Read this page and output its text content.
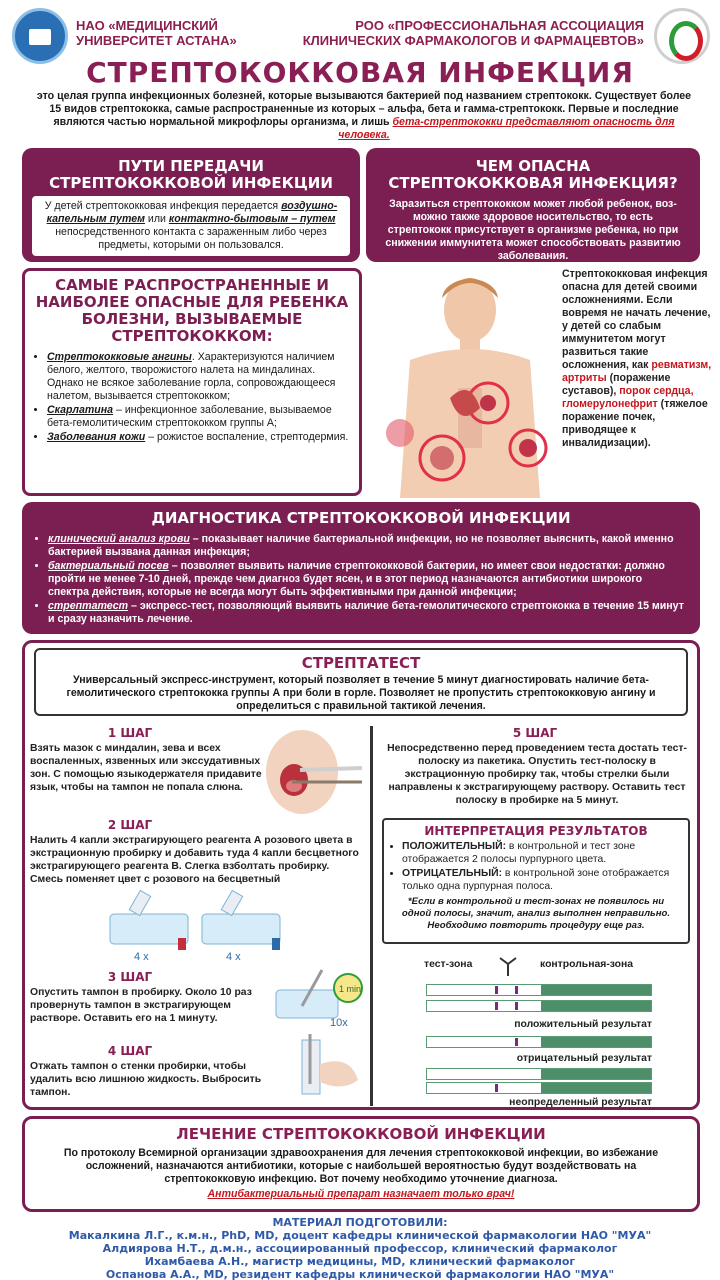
НАО «МЕДИЦИНСКИЙ
УНИВЕРСИТЕТ АСТАНА»
РОО «ПРОФЕССИОНАЛЬНАЯ АССОЦИАЦИЯ
КЛИНИЧЕСКИХ ФАРМАКОЛОГОВ И ФАРМАЦЕВТОВ»
СТРЕПТОКОККОВАЯ ИНФЕКЦИЯ
это целая группа инфекционных болезней, которые вызываются бактерией под названием стрептококк. Существует более 15 видов стрептококка, самые распространенные из которых – альфа, бета и гамма-стрептококк. Первые и последние являются частью нормальной микрофлоры организма, и лишь бета-стрептококки представляют опасность для человека.
ПУТИ ПЕРЕДАЧИ
СТРЕПТОКОККОВОЙ ИНФЕКЦИИ
У детей стрептококковая инфекция передается воздушно-капельным путем или контактно-бытовым – путем непосредственного контакта с зараженным либо через предметы, которыми он пользовался.
ЧЕМ ОПАСНА
СТРЕПТОКОККОВАЯ ИНФЕКЦИЯ?
Заразиться стрептококком может любой ребенок, воз-можно также здоровое носительство, то есть стрептококк присутствует в организме ребенка, но при снижении иммунитета может способствовать развитию заболевания.
САМЫЕ РАСПРОСТРАНЕННЫЕ И
НАИБОЛЕЕ ОПАСНЫЕ ДЛЯ РЕБЕНКА
БОЛЕЗНИ, ВЫЗЫВАЕМЫЕ
СТРЕПТОКОККОМ:
• Стрептококковые ангины. Характеризуются наличием белого, желтого, творожистого налета на миндалинах. Однако не всякое заболевание горла, сопровождающееся налетом, вызывается стрептококком;
• Скарлатина – инфекционное заболевание, вызываемое бета-гемолитическим стрептококком группы А;
• Заболевания кожи – рожистое воспаление, стрептодермия.
Стрептококковая инфекция опасна для детей своими осложнениями. Если вовремя не начать лечение, у детей со слабым иммунитетом могут развиться такие осложнения, как ревматизм, артриты (поражение суставов), порок сердца, гломерулонефрит (тяжелое поражение почек, приводящее к инвалидизации).
ДИАГНОСТИКА СТРЕПТОКОККОВОЙ ИНФЕКЦИИ
• клинический анализ крови – показывает наличие бактериальной инфекции, но не позволяет выяснить, какой именно бактерией вызвана данная инфекция;
• бактериальный посев – позволяет выявить наличие стрептококковой бактерии, но имеет свои недостатки: должно пройти не менее 7-10 дней, прежде чем диагноз будет ясен, и в этот период назначаются антибиотики широкого спектра действия, которые не всегда могут быть эффективными при данной инфекции;
• стрептатест – экспресс-тест, позволяющий выявить наличие бета-гемолитического стрептококка в течение 15 минут и сразу назначить лечение.
СТРЕПТАТЕСТ
Универсальный экспресс-инструмент, который позволяет в течение 5 минут диагностировать наличие бета-гемолитического стрептококка группы А при боли в горле. Позволяет не пропустить стрептококковую ангину и определиться с правильной тактикой лечения.
1 ШАГ
Взять мазок с миндалин, зева и всех воспаленных, язвенных или экссудативных зон. С помощью языкодержателя придавите язык, чтобы на тампон не попала слюна.
2 ШАГ
Налить 4 капли экстрагирующего реагента А розового цвета в экстрационную пробирку и добавить туда 4 капли бесцветного экстрагирующего реагента B. Слегка взболтать пробирку. Смесь поменяет цвет с розового на бесцветный
4 x	4 x
3 ШАГ
Опустить тампон в пробирку. Около 10 раз провернуть тампон в экстрагирующем растворе. Оставить его на 1 минуту.
1 min
10x
4 ШАГ
Отжать тампон о стенки пробирки, чтобы удалить всю лишнюю жидкость. Выбросить тампон.
5 ШАГ
Непосредственно перед проведением теста достать тест-полоску из пакетика. Опустить тест-полоску в экстрационную пробирку так, чтобы стрелки были направлены к экстрагирующему раствору. Оставить тест полоску в пробирке на 5 минут.
ИНТЕРПРЕТАЦИЯ РЕЗУЛЬТАТОВ
• ПОЛОЖИТЕЛЬНЫЙ: в контрольной и тест зоне отображается 2 полосы пурпурного цвета.
• ОТРИЦАТЕЛЬНЫЙ: в контрольной зоне отображается только одна пурпурная полоса.
*Если в контрольной и тест-зонах не появилось ни одной полосы, значит, анализ выполнен неправильно. Необходимо повторить процедуру еще раз.
тест-зона	контрольная-зона
положительный результат
отрицательный результат
неопределенный результат
ЛЕЧЕНИЕ СТРЕПТОКОККОВОЙ ИНФЕКЦИИ
По протоколу Всемирной организации здравоохранения для лечения стрептококковой инфекции, во избежание осложнений, назначаются антибиотики, которые с наибольшей вероятностью будут воздействовать на стрептококковую инфекцию. Вот почему необходимо уточнение диагноза.
Антибактериальный препарат назначает только врач!
МАТЕРИАЛ ПОДГОТОВИЛИ:
Макалкина Л.Г., к.м.н., PhD, MD, доцент кафедры клинической фармакологии НАО "МУА"
Алдиярова Н.Т., д.м.н., ассоциированный профессор, клинический фармаколог
Ихамбаева А.Н., магистр медицины, MD, клинический фармаколог
Оспанова А.А., MD, резидент кафедры клинической фармакологии НАО "МУА"
